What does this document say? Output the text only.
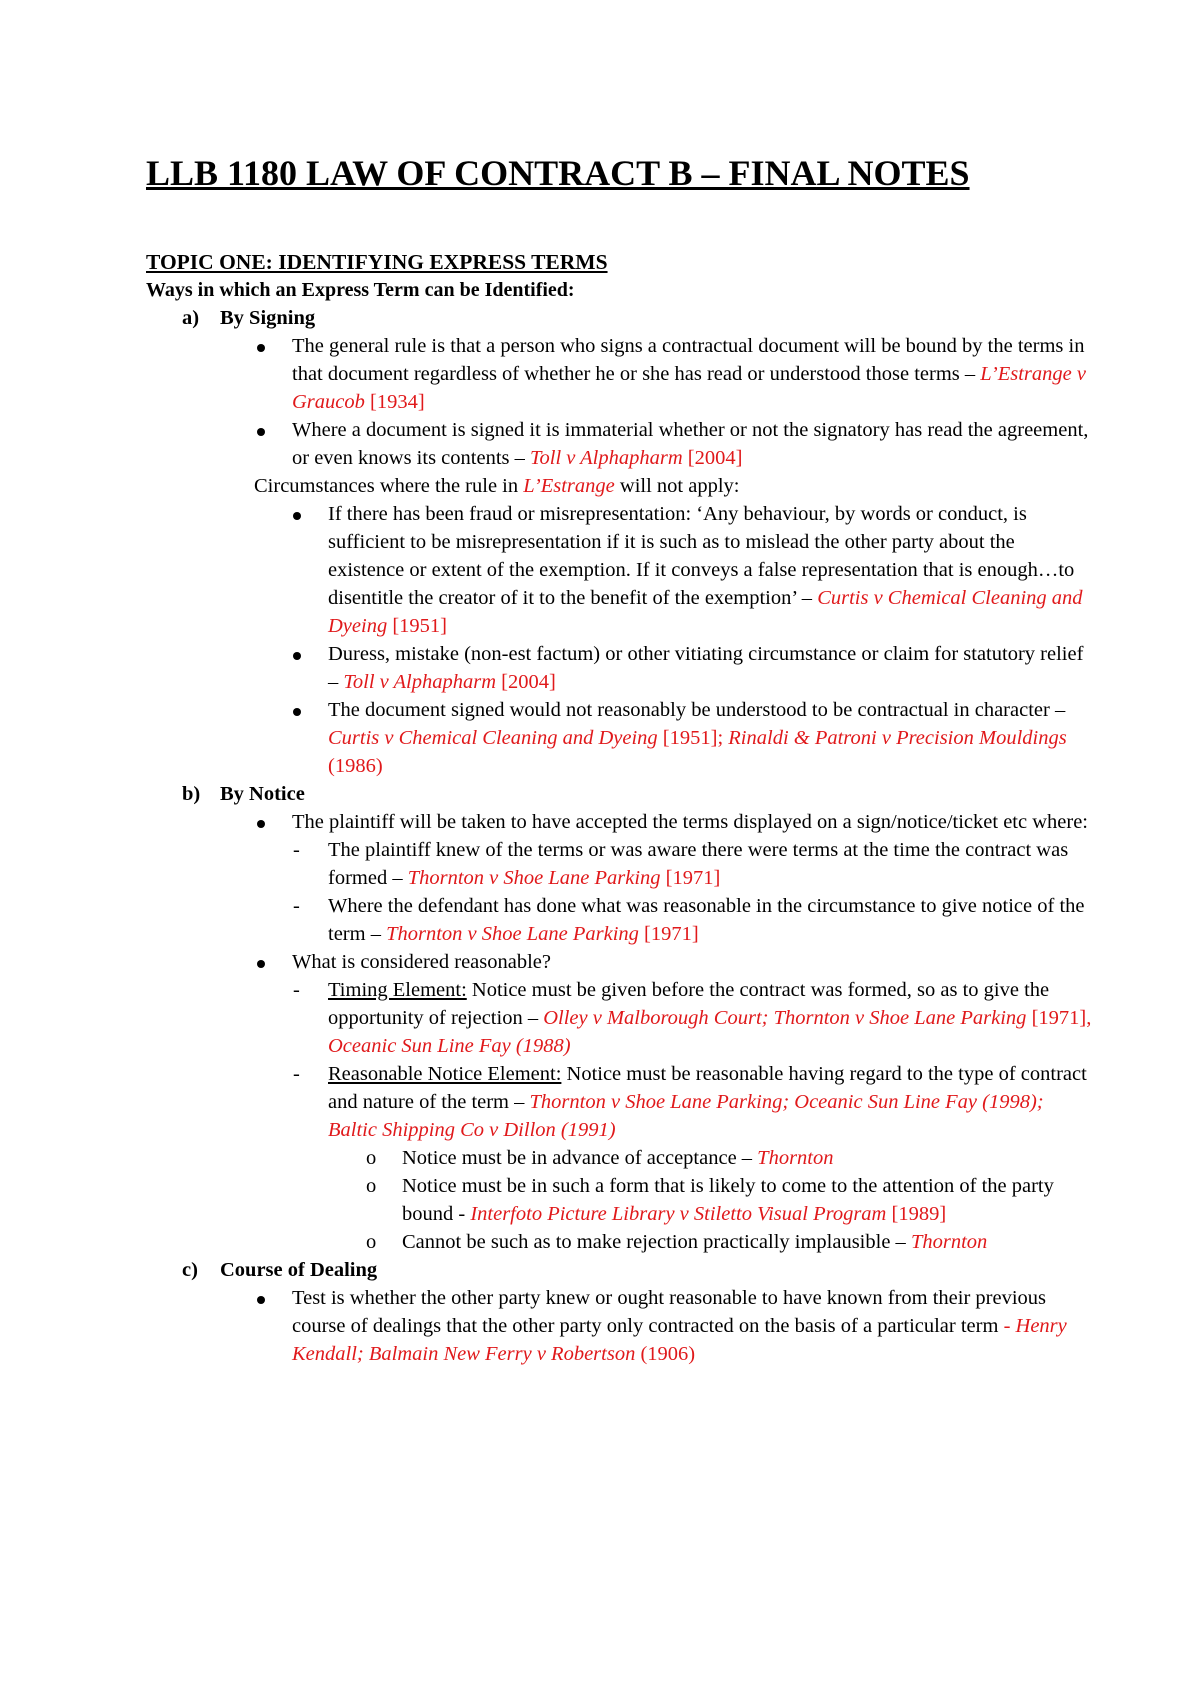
LLB 1180 LAW OF CONTRACT B – FINAL NOTES
TOPIC ONE: IDENTIFYING EXPRESS TERMS
Ways in which an Express Term can be Identified:
a) By Signing
The general rule is that a person who signs a contractual document will be bound by the terms in that document regardless of whether he or she has read or understood those terms – L’Estrange v Graucob [1934]
Where a document is signed it is immaterial whether or not the signatory has read the agreement, or even knows its contents – Toll v Alphapharm [2004]
Circumstances where the rule in L’Estrange will not apply:
If there has been fraud or misrepresentation: ‘Any behaviour, by words or conduct, is sufficient to be misrepresentation if it is such as to mislead the other party about the existence or extent of the exemption. If it conveys a false representation that is enough…to disentitle the creator of it to the benefit of the exemption’ – Curtis v Chemical Cleaning and Dyeing [1951]
Duress, mistake (non-est factum) or other vitiating circumstance or claim for statutory relief – Toll v Alphapharm [2004]
The document signed would not reasonably be understood to be contractual in character – Curtis v Chemical Cleaning and Dyeing [1951]; Rinaldi & Patroni v Precision Mouldings (1986)
b) By Notice
The plaintiff will be taken to have accepted the terms displayed on a sign/notice/ticket etc where:
- The plaintiff knew of the terms or was aware there were terms at the time the contract was formed – Thornton v Shoe Lane Parking [1971]
- Where the defendant has done what was reasonable in the circumstance to give notice of the term – Thornton v Shoe Lane Parking [1971]
What is considered reasonable?
- Timing Element: Notice must be given before the contract was formed, so as to give the opportunity of rejection – Olley v Malborough Court; Thornton v Shoe Lane Parking [1971], Oceanic Sun Line Fay (1988)
- Reasonable Notice Element: Notice must be reasonable having regard to the type of contract and nature of the term – Thornton v Shoe Lane Parking; Oceanic Sun Line Fay (1998); Baltic Shipping Co v Dillon (1991)
o Notice must be in advance of acceptance – Thornton
o Notice must be in such a form that is likely to come to the attention of the party bound - Interfoto Picture Library v Stiletto Visual Program [1989]
o Cannot be such as to make rejection practically implausible – Thornton
c) Course of Dealing
Test is whether the other party knew or ought reasonable to have known from their previous course of dealings that the other party only contracted on the basis of a particular term - Henry Kendall; Balmain New Ferry v Robertson (1906)
